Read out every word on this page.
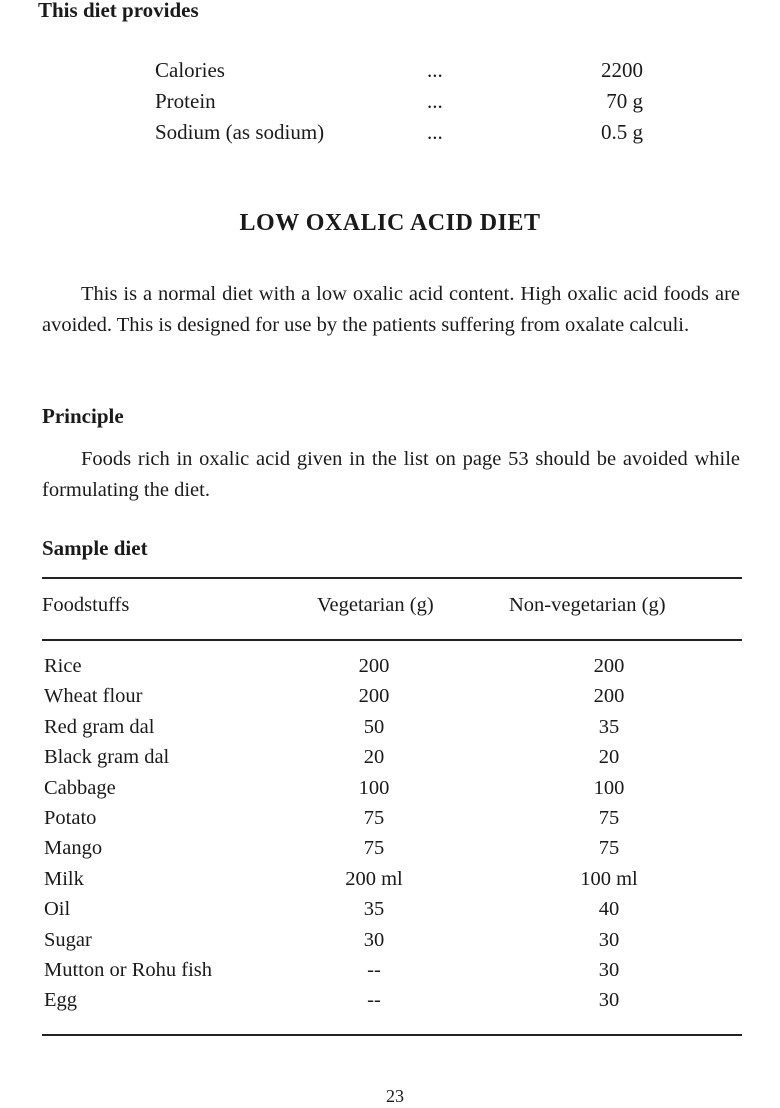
This diet provides
Calories	...	2200
Protein	...	70 g
Sodium (as sodium)	...	0.5 g
LOW OXALIC ACID DIET

This is a normal diet with a low oxalic acid content. High oxalic acid foods are avoided. This is designed for use by the patients suffering from oxalate calculi.

Principle

Foods rich in oxalic acid given in the list on page 53 should be avoided while formulating the diet.

Sample diet
Foodstuffs	Vegetarian (g)	Non-vegetarian (g)
Rice	200	200
Wheat flour	200	200
Red gram dal	50	35
Black gram dal	20	20
Cabbage	100	100
Potato	75	75
Mango	75	75
Milk	200 ml	100 ml
Oil	35	40
Sugar	30	30
Mutton or Rohu fish	--	30
Egg	--	30
23
